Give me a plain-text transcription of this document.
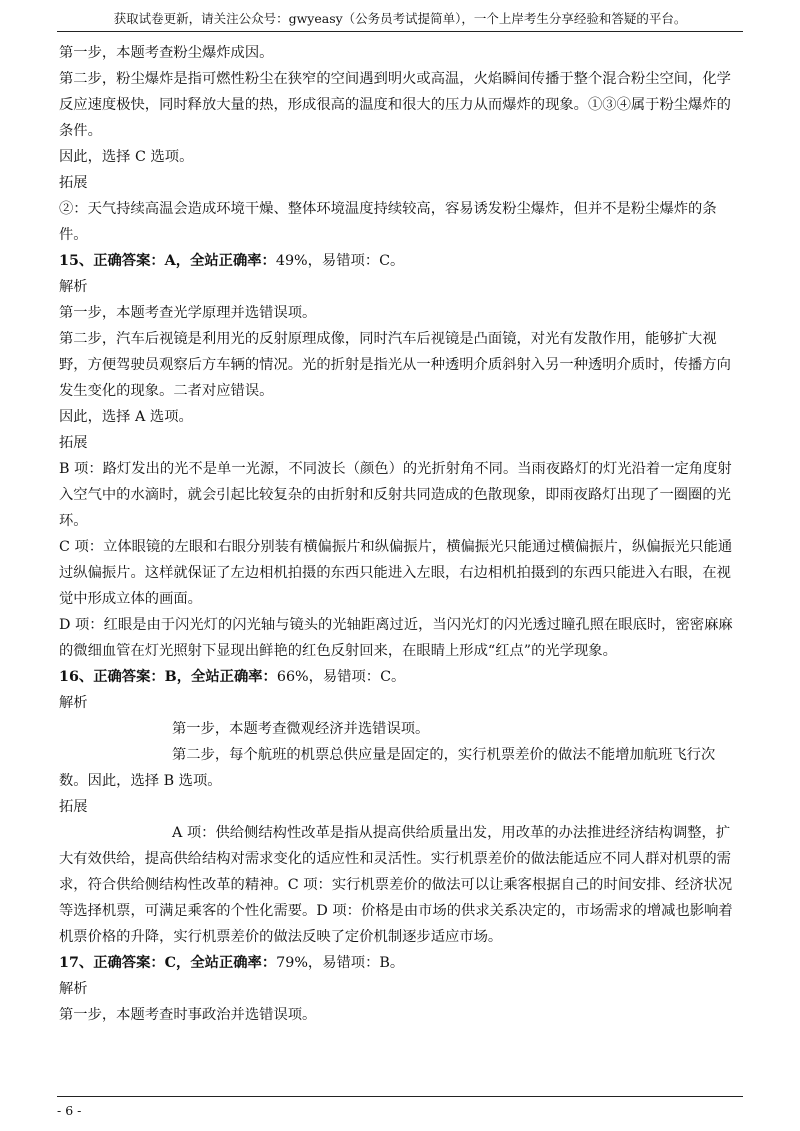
获取试卷更新，请关注公众号：gwyeasy（公务员考试提简单），一个上岸考生分享经验和答疑的平台。

第一步，本题考查粉尘爆炸成因。

第二步，粉尘爆炸是指可燃性粉尘在狭窄的空间遇到明火或高温，火焰瞬间传播于整个混合粉尘空间，化学反应速度极快，同时释放大量的热，形成很高的温度和很大的压力从而爆炸的现象。①③④属于粉尘爆炸的条件。

因此，选择 C 选项。

拓展

②：天气持续高温会造成环境干燥、整体环境温度持续较高，容易诱发粉尘爆炸，但并不是粉尘爆炸的条件。

15、正确答案：A，全站正确率：49%，易错项：C。

解析

第一步，本题考查光学原理并选错误项。

第二步，汽车后视镜是利用光的反射原理成像，同时汽车后视镜是凸面镜，对光有发散作用，能够扩大视野，方便驾驶员观察后方车辆的情况。光的折射是指光从一种透明介质斜射入另一种透明介质时，传播方向发生变化的现象。二者对应错误。

因此，选择 A 选项。

拓展

B 项：路灯发出的光不是单一光源，不同波长（颜色）的光折射角不同。当雨夜路灯的灯光沿着一定角度射入空气中的水滴时，就会引起比较复杂的由折射和反射共同造成的色散现象，即雨夜路灯出现了一圈圈的光环。

C 项：立体眼镜的左眼和右眼分别装有横偏振片和纵偏振片，横偏振光只能通过横偏振片，纵偏振光只能通过纵偏振片。这样就保证了左边相机拍摄的东西只能进入左眼，右边相机拍摄到的东西只能进入右眼，在视觉中形成立体的画面。

D 项：红眼是由于闪光灯的闪光轴与镜头的光轴距离过近，当闪光灯的闪光透过瞳孔照在眼底时，密密麻麻的微细血管在灯光照射下显现出鲜艳的红色反射回来，在眼睛上形成“红点”的光学现象。

16、正确答案：B，全站正确率：66%，易错项：C。

解析

第一步，本题考查微观经济并选错误项。

第二步，每个航班的机票总供应量是固定的，实行机票差价的做法不能增加航班飞行次数。因此，选择 B 选项。

拓展

A 项：供给侧结构性改革是指从提高供给质量出发，用改革的办法推进经济结构调整，扩大有效供给，提高供给结构对需求变化的适应性和灵活性。实行机票差价的做法能适应不同人群对机票的需求，符合供给侧结构性改革的精神。C 项：实行机票差价的做法可以让乘客根据自己的时间安排、经济状况等选择机票，可满足乘客的个性化需要。D 项：价格是由市场的供求关系决定的，市场需求的增减也影响着机票价格的升降，实行机票差价的做法反映了定价机制逐步适应市场。

17、正确答案：C，全站正确率：79%，易错项：B。

解析

第一步，本题考查时事政治并选错误项。

- 6 -
